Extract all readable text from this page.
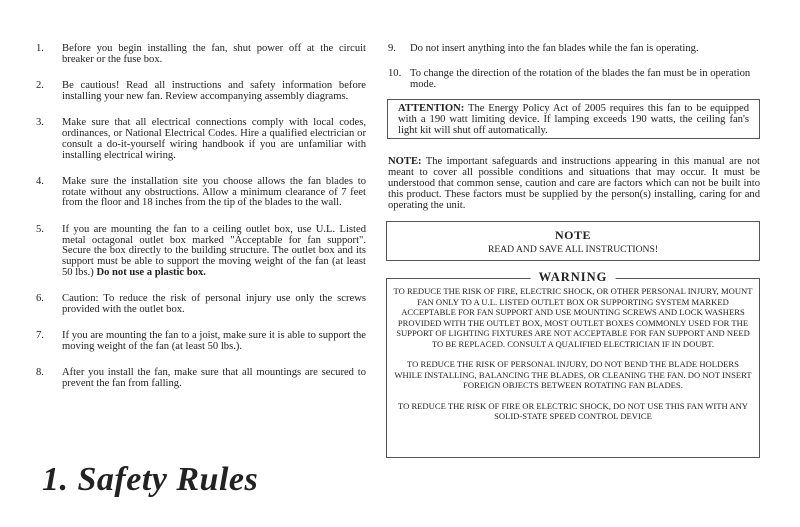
1.	Before you begin installing the fan, shut power off at the circuit breaker or the fuse box.
2.	Be cautious! Read all instructions and safety information before installing your new fan. Review accompanying assembly diagrams.
3.	Make sure that all electrical connections comply with local codes, ordinances, or National Electrical Codes. Hire a qualified electrician or consult a do-it-yourself wiring handbook if you are unfamiliar with installing electrical wiring.
4.	Make sure the installation site you choose allows the fan blades to rotate without any obstructions. Allow a minimum clearance of 7 feet from the floor and 18 inches from the tip of the blades to the wall.
5.	If you are mounting the fan to a ceiling outlet box, use U.L. Listed metal octagonal outlet box marked "Acceptable for fan support". Secure the box directly to the building structure. The outlet box and its support must be able to support the moving weight of the fan (at least 50 lbs.) Do not use a plastic box.
6.	Caution: To reduce the risk of personal injury use only the screws provided with the outlet box.
7.	If you are mounting the fan to a joist, make sure it is able to support the moving weight of the fan (at least 50 lbs.).
8.	After you install the fan, make sure that all mountings are secured to prevent the fan from falling.
9.	Do not insert anything into the fan blades while the fan is operating.
10. To change the direction of the rotation of the blades the fan must be in operation mode.
ATTENTION: The Energy Policy Act of 2005 requires this fan to be equipped with a 190 watt limiting device. If lamping exceeds 190 watts, the ceiling fan's light kit will shut off automatically.
NOTE: The important safeguards and instructions appearing in this manual are not meant to cover all possible conditions and situations that may occur. It must be understood that common sense, caution and care are factors which can not be built into this product. These factors must be supplied by the person(s) installing, caring for and operating the unit.
NOTE
READ AND SAVE ALL INSTRUCTIONS!
WARNING
TO REDUCE THE RISK OF FIRE, ELECTRIC SHOCK, OR OTHER PERSONAL INJURY, MOUNT FAN ONLY TO A U.L. LISTED OUTLET BOX OR SUPPORTING SYSTEM MARKED ACCEPTABLE FOR FAN SUPPORT AND USE MOUNTING SCREWS AND LOCK WASHERS PROVIDED WITH THE OUTLET BOX, MOST OUTLET BOXES COMMONLY USED FOR THE SUPPORT OF LIGHTING FIXTURES ARE NOT ACCEPTABLE FOR FAN SUPPORT AND NEED TO BE REPLACED. CONSULT A QUALIFIED ELECTRICIAN IF IN DOUBT.
TO REDUCE THE RISK OF PERSONAL INJURY, DO NOT BEND THE BLADE HOLDERS WHILE INSTALLING, BALANCING THE BLADES, OR CLEANING THE FAN. DO NOT INSERT FOREIGN OBJECTS BETWEEN ROTATING FAN BLADES.
TO REDUCE THE RISK OF FIRE OR ELECTRIC SHOCK, DO NOT USE THIS FAN WITH ANY SOLID-STATE SPEED CONTROL DEVICE
1. Safety Rules
